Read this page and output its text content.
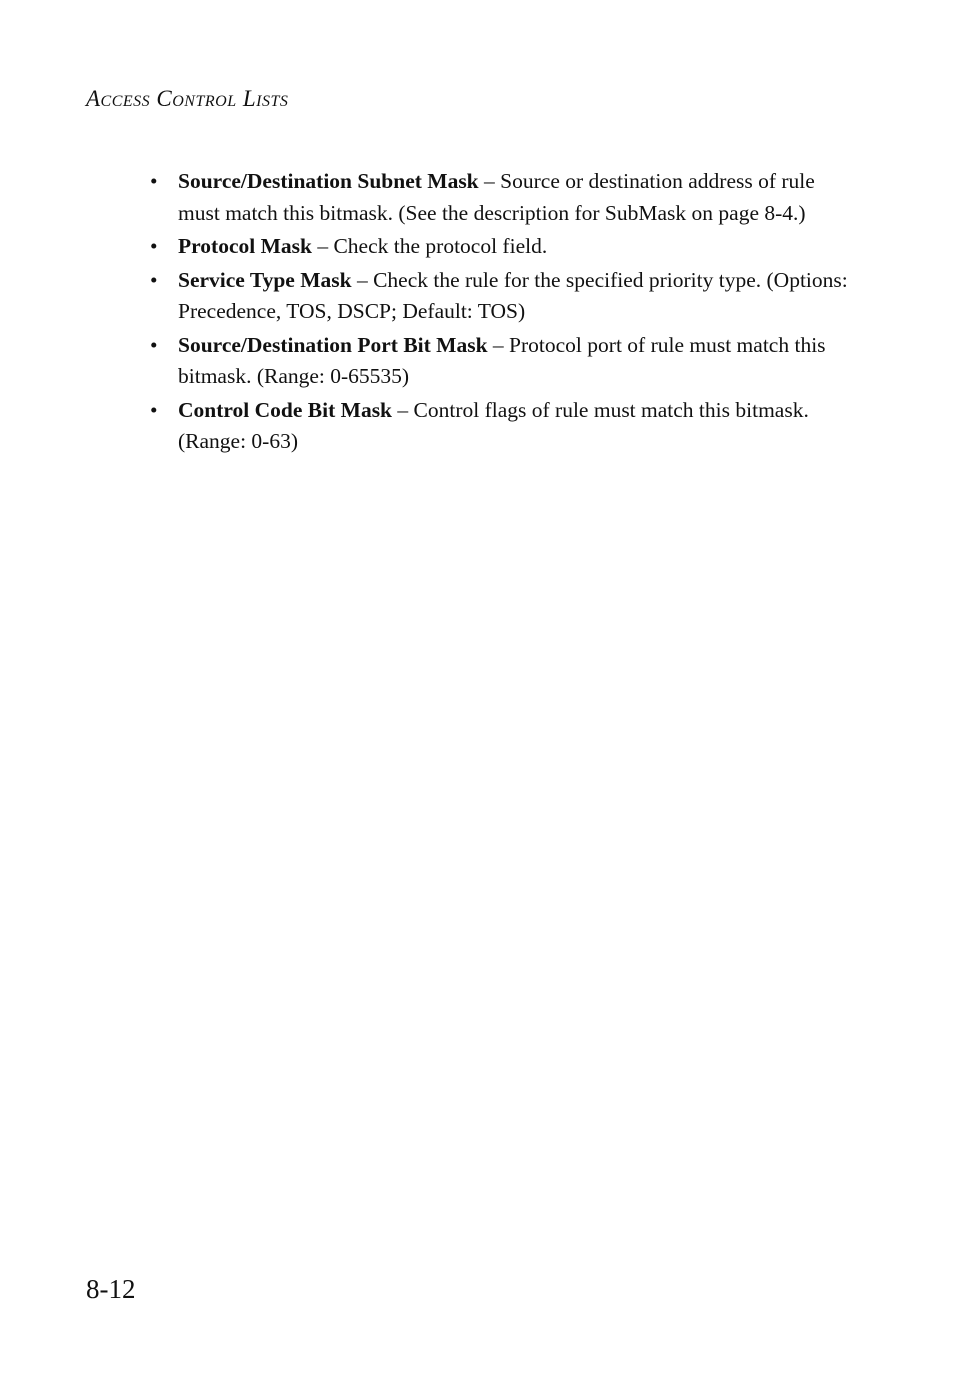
Access Control Lists
• Source/Destination Subnet Mask – Source or destination address of rule must match this bitmask. (See the description for SubMask on page 8-4.)
• Protocol Mask – Check the protocol field.
• Service Type Mask – Check the rule for the specified priority type. (Options: Precedence, TOS, DSCP; Default: TOS)
• Source/Destination Port Bit Mask – Protocol port of rule must match this bitmask. (Range: 0-65535)
• Control Code Bit Mask – Control flags of rule must match this bitmask. (Range: 0-63)
8-12
